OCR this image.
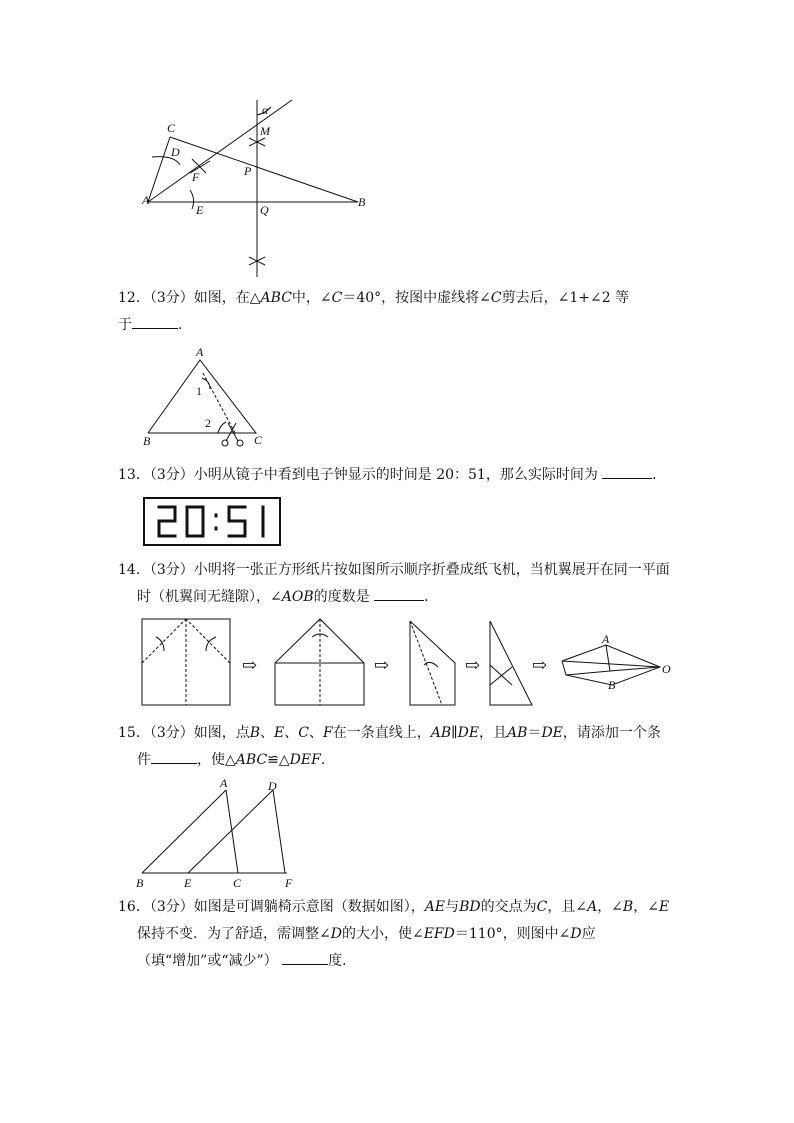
α
M
C
D
F	P
A
E	Q
B
12．（3分）如图，在△ABC中，∠C＝40°，按图中虚线将∠C剪去后，∠1+∠2 等
于	．
A
B	C
1
2
13．（3分）小明从镜子中看到电子钟显示的时间是 20：51，那么实际时间为	．
14．（3分）小明将一张正方形纸片按如图所示顺序折叠成纸飞机，当机翼展开在同一平面
时（机翼间无缝隙），∠AOB的度数是	．
⇨	⇨	⇨	⇨
A
O
B
15．（3分）如图，点B、E、C、F在一条直线上，AB∥DE，且AB＝DE，请添加一个条
件	，使△ABC≌△DEF．
A	D
B	E	C	F
16．（3分）如图是可调躺椅示意图（数据如图），AE与BD的交点为C，且∠A，∠B，∠E
保持不变．为了舒适，需调整∠D的大小，使∠EFD＝110°，则图中∠D应
（填“增加”或“减少”）	度．
